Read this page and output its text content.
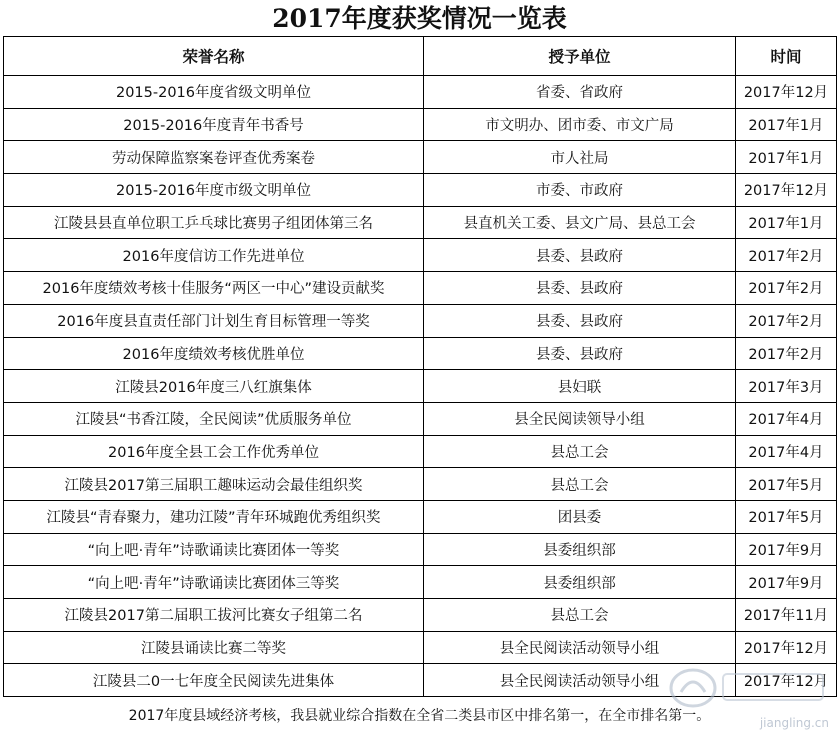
2017年度获奖情况一览表
荣誉名称	授予单位	时间
2015-2016年度省级文明单位	省委、省政府	2017年12月
2015-2016年度青年书香号	市文明办、团市委、市文广局	2017年1月
劳动保障监察案卷评查优秀案卷	市人社局	2017年1月
2015-2016年度市级文明单位	市委、市政府	2017年12月
江陵县县直单位职工乒乓球比赛男子组团体第三名	县直机关工委、县文广局、县总工会	2017年1月
2016年度信访工作先进单位	县委、县政府	2017年2月
2016年度绩效考核十佳服务“两区一中心”建设贡献奖	县委、县政府	2017年2月
2016年度县直责任部门计划生育目标管理一等奖	县委、县政府	2017年2月
2016年度绩效考核优胜单位	县委、县政府	2017年2月
江陵县2016年度三八红旗集体	县妇联	2017年3月
江陵县“书香江陵，全民阅读”优质服务单位	县全民阅读领导小组	2017年4月
2016年度全县工会工作优秀单位	县总工会	2017年4月
江陵县2017第三届职工趣味运动会最佳组织奖	县总工会	2017年5月
江陵县“青春聚力，建功江陵”青年环城跑优秀组织奖	团县委	2017年5月
“向上吧·青年”诗歌诵读比赛团体一等奖	县委组织部	2017年9月
“向上吧·青年”诗歌诵读比赛团体三等奖	县委组织部	2017年9月
江陵县2017第二届职工拔河比赛女子组第二名	县总工会	2017年11月
江陵县诵读比赛二等奖	县全民阅读活动领导小组	2017年12月
江陵县二0一七年度全民阅读先进集体	县全民阅读活动领导小组	2017年12月
2017年度县域经济考核，我县就业综合指数在全省二类县市区中排名第一，在全市排名第一。	jiangling.cn
